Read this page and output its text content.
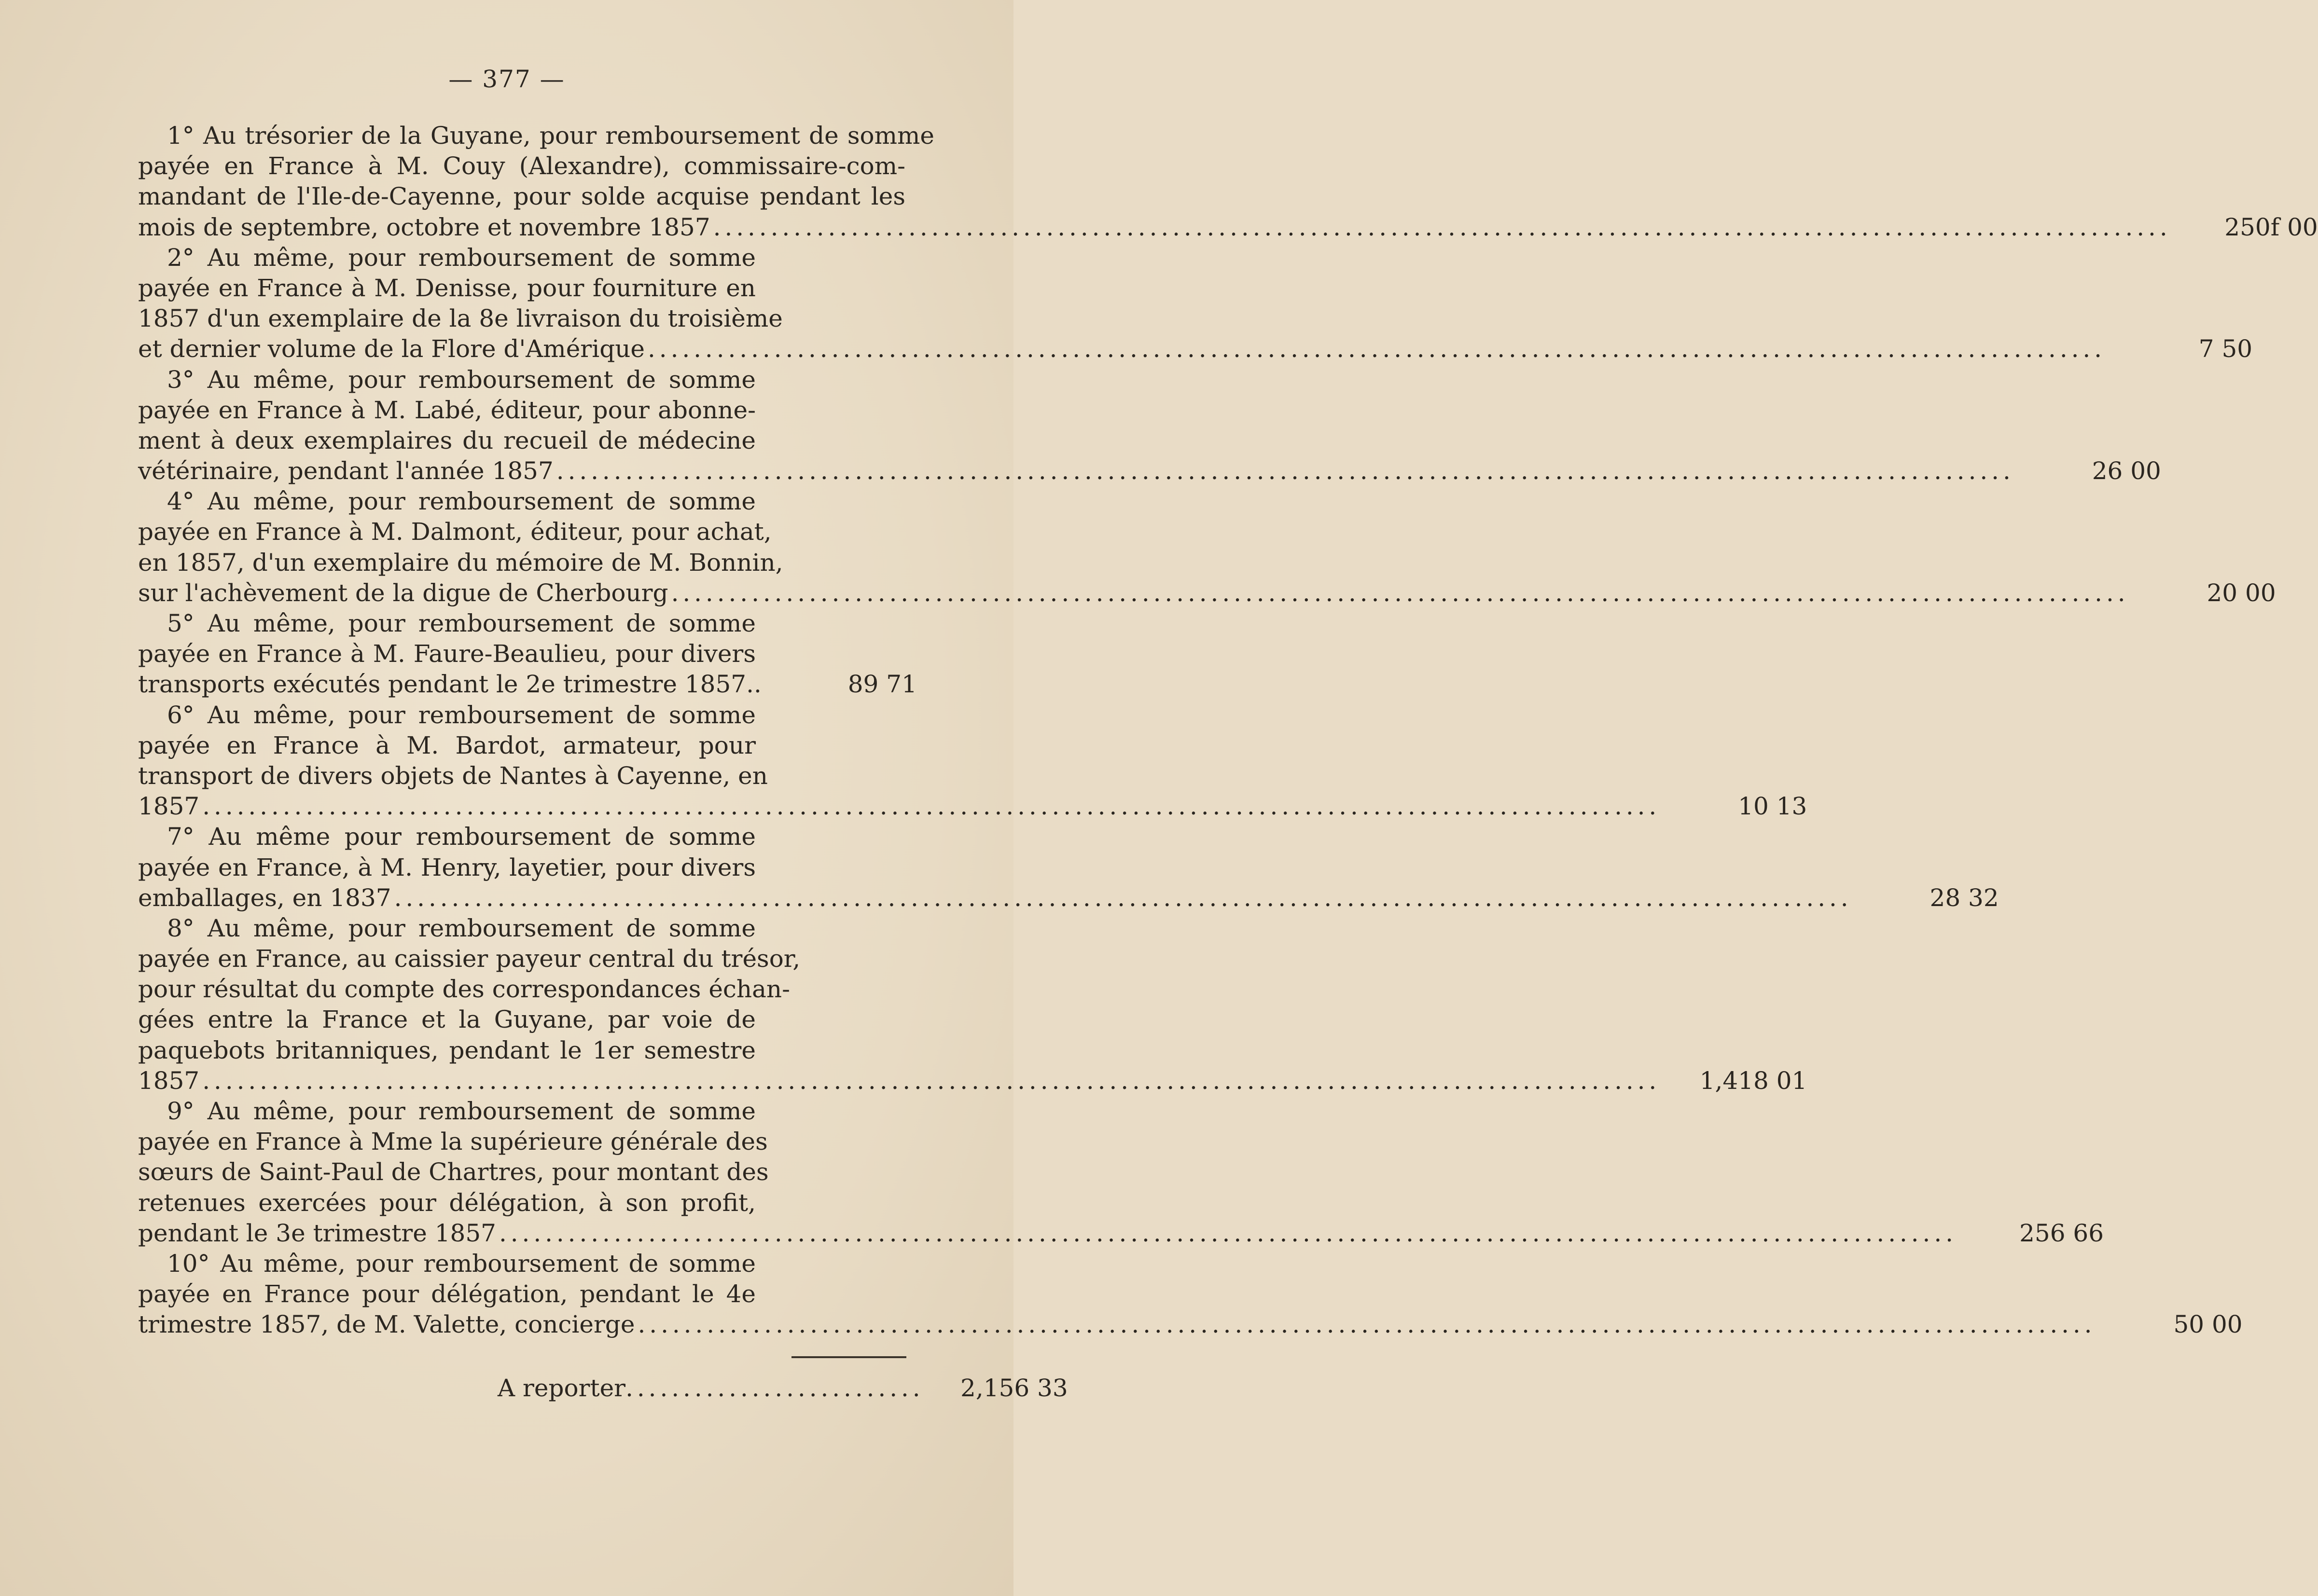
— 377 —
1° Au trésorier de la Guyane, pour remboursement de somme
payée en France à M. Couy (Alexandre), commissaire-com-
mandant de l'Ile-de-Cayenne, pour solde acquise pendant les
mois de septembre, octobre et novembre 1857 . . .	250f 00
2° Au même, pour remboursement de somme
payée en France à M. Denisse, pour fourniture en
1857 d'un exemplaire de la 8e livraison du troisième
et dernier volume de la Flore d'Amérique . . .	7 50
3° Au même, pour remboursement de somme
payée en France à M. Labé, éditeur, pour abonne-
ment à deux exemplaires du recueil de médecine
vétérinaire, pendant l'année 1857 . . .	26 00
4° Au même, pour remboursement de somme
payée en France à M. Dalmont, éditeur, pour achat,
en 1857, d'un exemplaire du mémoire de M. Bonnin,
sur l'achèvement de la digue de Cherbourg . . .	20 00
5° Au même, pour remboursement de somme
payée en France à M. Faure-Beaulieu, pour divers
transports exécutés pendant le 2e trimestre 1857..	89 71
6° Au même, pour remboursement de somme
payée en France à M. Bardot, armateur, pour
transport de divers objets de Nantes à Cayenne, en
1857 . . .	10 13
7° Au même pour remboursement de somme
payée en France, à M. Henry, layetier, pour divers
emballages, en 1837 . . .	28 32
8° Au même, pour remboursement de somme
payée en France, au caissier payeur central du trésor,
pour résultat du compte des correspondances échan-
gées entre la France et la Guyane, par voie de
paquebots britanniques, pendant le 1er semestre
1857 . . .	1,418 01
9° Au même, pour remboursement de somme
payée en France à Mme la supérieure générale des
sœurs de Saint-Paul de Chartres, pour montant des
retenues exercées pour délégation, à son profit,
pendant le 3e trimestre 1857 . . .	256 66
10° Au même, pour remboursement de somme
payée en France pour délégation, pendant le 4e
trimestre 1857, de M. Valette, concierge . . .	50 00
A reporter . . .	2,156 33
